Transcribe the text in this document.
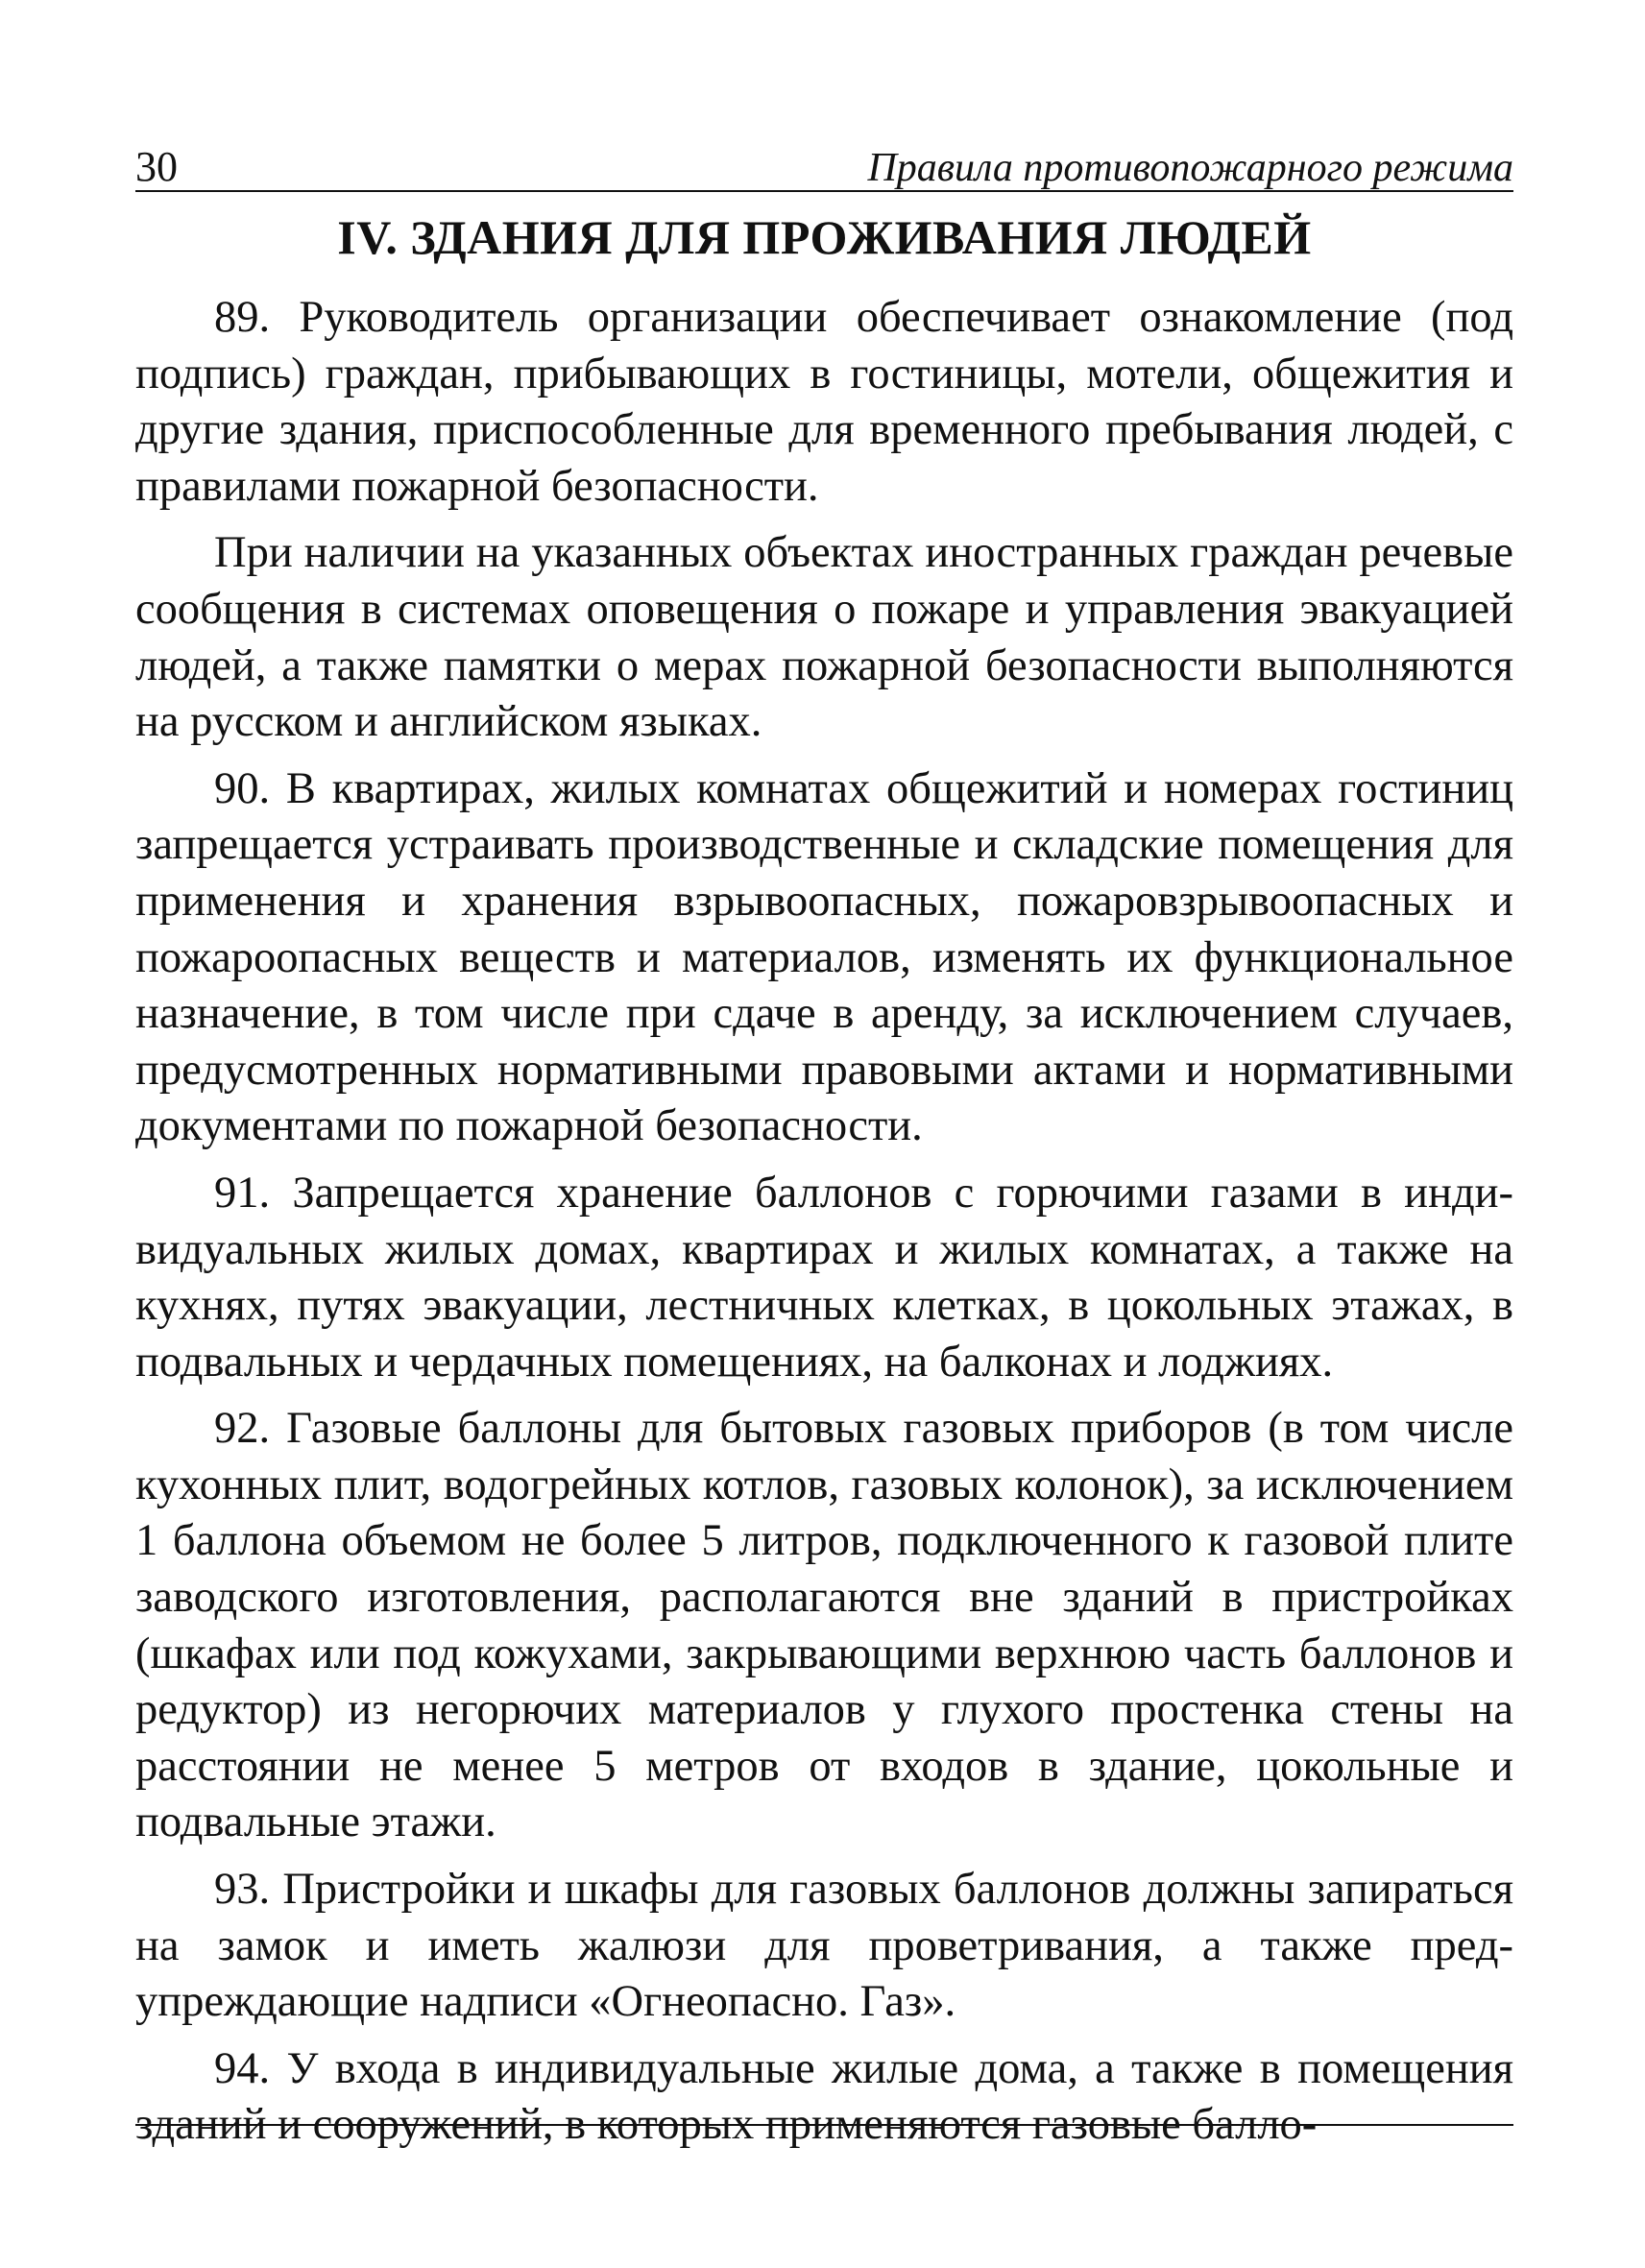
30	Правила противопожарного режима
IV. ЗДАНИЯ ДЛЯ ПРОЖИВАНИЯ ЛЮДЕЙ

89. Руководитель организации обеспечивает ознакомление (под подпись) граждан, прибывающих в гостиницы, мотели, общежития и другие здания, приспособленные для временного пребывания людей, с правилами пожарной безопасности.

При наличии на указанных объектах иностранных граждан речевые сообщения в системах оповещения о пожаре и управления эвакуацией людей, а также памятки о мерах пожарной безопасности выполняются на русском и английском языках.

90. В квартирах, жилых комнатах общежитий и номерах гостиниц запрещается устраивать производственные и складские помещения для применения и хранения взрывоопасных, пожаровзрывоопасных и пожароопасных веществ и материалов, изменять их функциональное назначение, в том числе при сдаче в аренду, за исключением случаев, предусмотренных нормативными правовыми актами и нормативными документами по пожарной безопасности.

91. Запрещается хранение баллонов с горючими газами в индивидуальных жилых домах, квартирах и жилых комнатах, а также на кухнях, путях эвакуации, лестничных клетках, в цокольных этажах, в подвальных и чердачных помещениях, на балконах и лоджиях.

92. Газовые баллоны для бытовых газовых приборов (в том числе кухонных плит, водогрейных котлов, газовых колонок), за исключением 1 баллона объемом не более 5 литров, подключенного к газовой плите заводского изготовления, располагаются вне зданий в пристройках (шкафах или под кожухами, закрывающими верхнюю часть баллонов и редуктор) из негорючих материалов у глухого простенка стены на расстоянии не менее 5 метров от входов в здание, цокольные и подвальные этажи.

93. Пристройки и шкафы для газовых баллонов должны запираться на замок и иметь жалюзи для проветривания, а также предупреждающие надписи «Огнеопасно. Газ».

94. У входа в индивидуальные жилые дома, а также в помещения зданий и сооружений, в которых применяются газовые балло-
